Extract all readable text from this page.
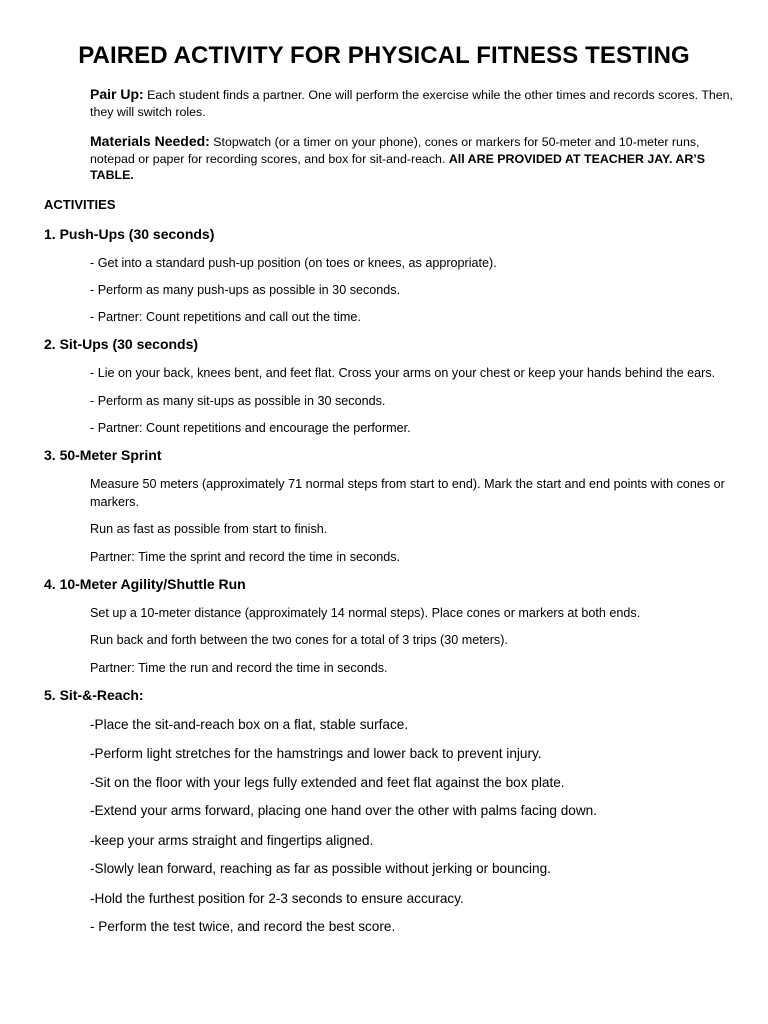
PAIRED ACTIVITY FOR PHYSICAL FITNESS TESTING
Pair Up: Each student finds a partner. One will perform the exercise while the other times and records scores. Then, they will switch roles.
Materials Needed: Stopwatch (or a timer on your phone), cones or markers for 50-meter and 10-meter runs, notepad or paper for recording scores, and box for sit-and-reach. All ARE PROVIDED AT TEACHER JAY. AR’S TABLE.
ACTIVITIES
1. Push-Ups (30 seconds)
- Get into a standard push-up position (on toes or knees, as appropriate).
- Perform as many push-ups as possible in 30 seconds.
- Partner: Count repetitions and call out the time.
2. Sit-Ups (30 seconds)
- Lie on your back, knees bent, and feet flat. Cross your arms on your chest or keep your hands behind the ears.
- Perform as many sit-ups as possible in 30 seconds.
- Partner: Count repetitions and encourage the performer.
3. 50-Meter Sprint
Measure 50 meters (approximately 71 normal steps from start to end). Mark the start and end points with cones or markers.
Run as fast as possible from start to finish.
Partner: Time the sprint and record the time in seconds.
4. 10-Meter Agility/Shuttle Run
Set up a 10-meter distance (approximately 14 normal steps). Place cones or markers at both ends.
Run back and forth between the two cones for a total of 3 trips (30 meters).
Partner: Time the run and record the time in seconds.
5. Sit-&-Reach:
-Place the sit-and-reach box on a flat, stable surface.
-Perform light stretches for the hamstrings and lower back to prevent injury.
-Sit on the floor with your legs fully extended and feet flat against the box plate.
-Extend your arms forward, placing one hand over the other with palms facing down.
-keep your arms straight and fingertips aligned.
-Slowly lean forward, reaching as far as possible without jerking or bouncing.
-Hold the furthest position for 2-3 seconds to ensure accuracy.
- Perform the test twice, and record the best score.
